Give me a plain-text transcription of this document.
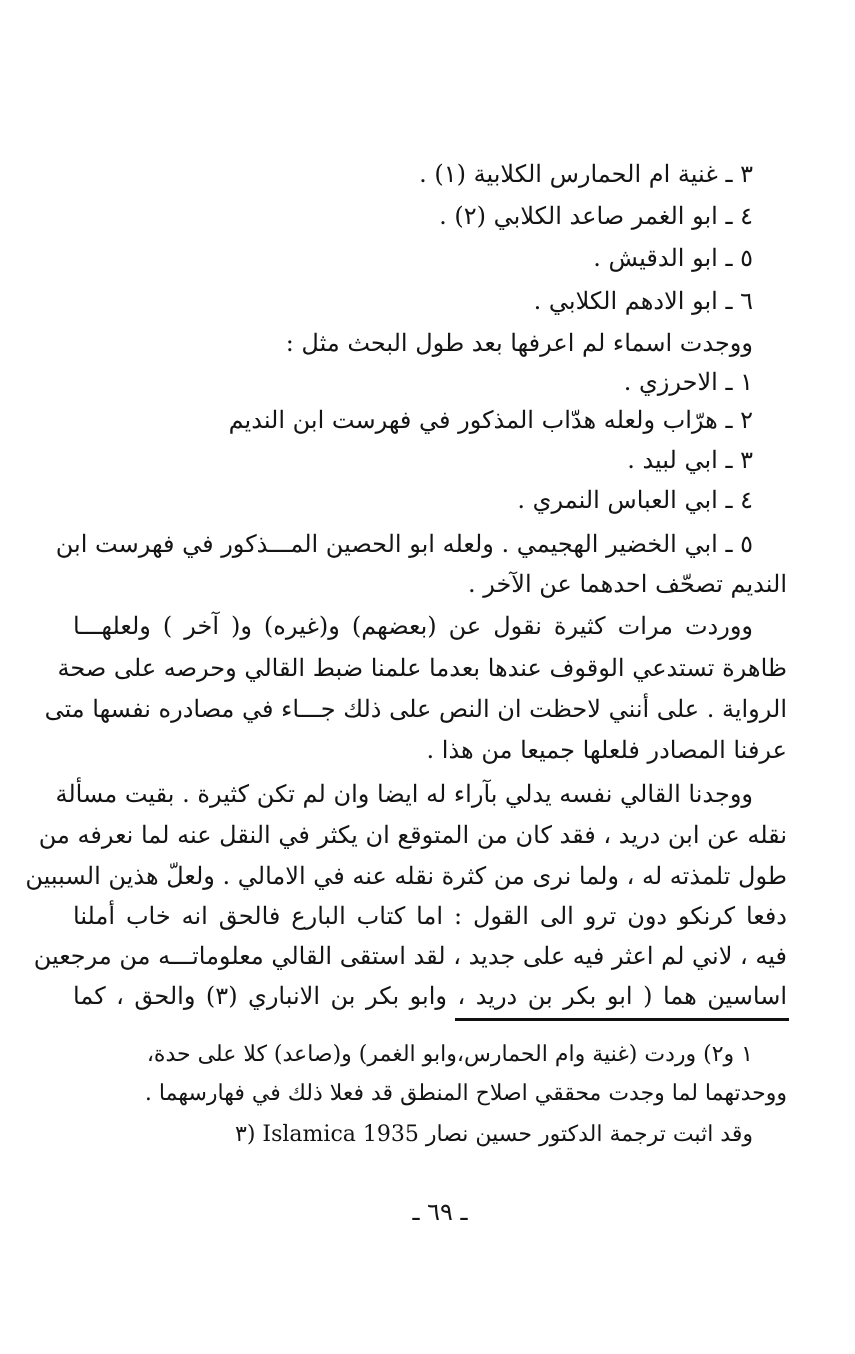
٣ ـ غنية ام الحمارس الكلابية (١) .
٤ ـ ابو الغمر صاعد الكلابي (٢) .
٥ ـ ابو الدقيش .
٦ ـ ابو الادهم الكلابي .
ووجدت اسماء لم اعرفها بعد طول البحث مثل :
١ ـ الاحرزي .
٢ ـ هرّاب ولعله هدّاب المذكور في فهرست ابن النديم
٣ ـ ابي لبيد .
٤ ـ ابي العباس النمري .
٥ ـ ابي الخضير الهجيمي . ولعله ابو الحصين المـــذكور في فهرست ابن
النديم تصحّف احدهما عن الآخر .
ووردت مرات كثيرة نقول عن (بعضهم) و(غيره) و( آخر ) ولعلهـــا
ظاهرة تستدعي الوقوف عندها بعدما علمنا ضبط القالي وحرصه على صحة
الرواية . على أنني لاحظت ان النص على ذلك جـــاء في مصادره نفسها متى
عرفنا المصادر فلعلها جميعا من هذا .
ووجدنا القالي نفسه يدلي بآراء له ايضا وان لم تكن كثيرة . بقيت مسألة
نقله عن ابن دريد ، فقد كان من المتوقع ان يكثر في النقل عنه لما نعرفه من
طول تلمذته له ، ولما نرى من كثرة نقله عنه في الامالي . ولعلّ هذين السببين
دفعا كرنكو دون ترو الى القول : اما كتاب البارع فالحق انه خاب أملنا
فيه ، لاني لم اعثر فيه على جديد ، لقد استقى القالي معلوماتـــه من مرجعين
اساسين هما ( ابو بكر بن دريد ، وابو بكر بن الانباري (٣) والحق ، كما
١ و٢) وردت (غنية وام الحمارس،وابو الغمر) و(صاعد) كلا على حدة،
ووحدتهما لما وجدت محققي اصلاح المنطق قد فعلا ذلك في فهارسهما .
٣) Islamica 1935 وقد اثبت ترجمة الدكتور حسين نصار
ـ ٦٩ ـ
